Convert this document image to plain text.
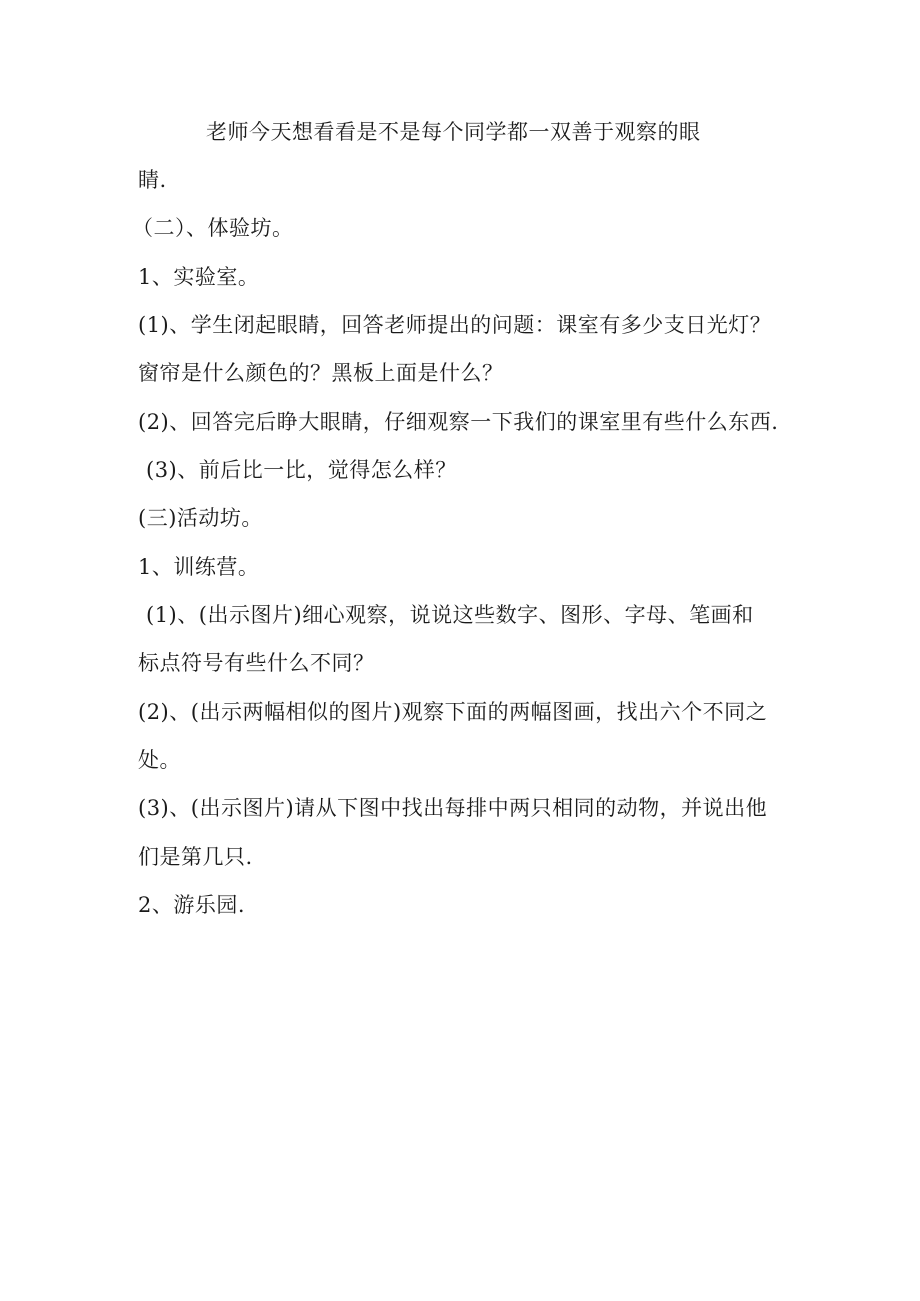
老师今天想看看是不是每个同学都一双善于观察的眼
睛.
（二）、体验坊。
1、实验室。
(1)、学生闭起眼睛，回答老师提出的问题：课室有多少支日光灯？
窗帘是什么颜色的？黑板上面是什么？
(2)、回答完后睁大眼睛，仔细观察一下我们的课室里有些什么东西.
(3)、前后比一比，觉得怎么样？
(三)活动坊。
1、训练营。
(1)、(出示图片)细心观察，说说这些数字、图形、字母、笔画和
标点符号有些什么不同？
(2)、(出示两幅相似的图片)观察下面的两幅图画，找出六个不同之
处。
(3)、(出示图片)请从下图中找出每排中两只相同的动物，并说出他
们是第几只.
2、游乐园.
